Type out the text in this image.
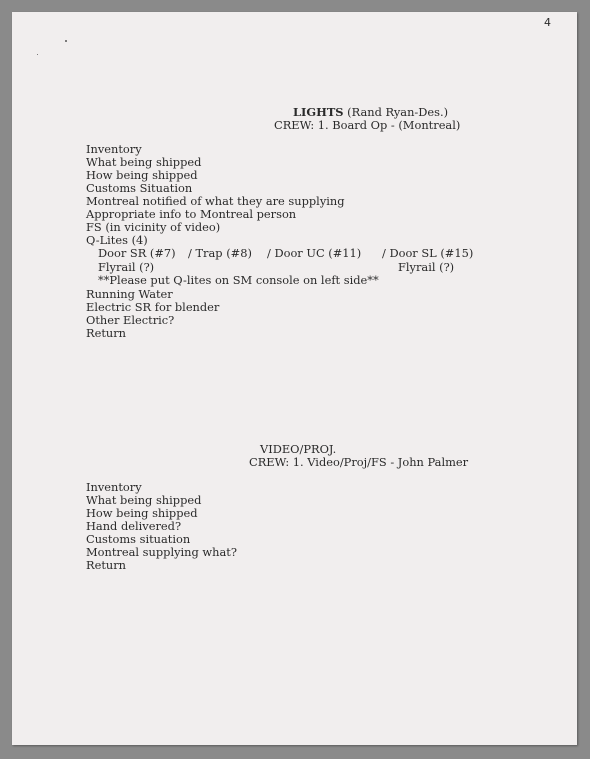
4
LIGHTS (Rand Ryan-Des.)
CREW: 1. Board Op - (Montreal)
Inventory
What being shipped
How being shipped
Customs Situation
Montreal notified of what they are supplying
Appropriate info to Montreal person
FS (in vicinity of video)
Q-Lites (4)
Door SR (#7) / Trap (#8) / Door UC (#11) / Door SL (#15)
Flyrail (?)	Flyrail (?)
**Please put Q-lites on SM console on left side**
Running Water
Electric SR for blender
Other Electric?
Return
VIDEO/PROJ.
CREW: 1. Video/Proj/FS - John Palmer
Inventory
What being shipped
How being shipped
Hand delivered?
Customs situation
Montreal supplying what?
Return
